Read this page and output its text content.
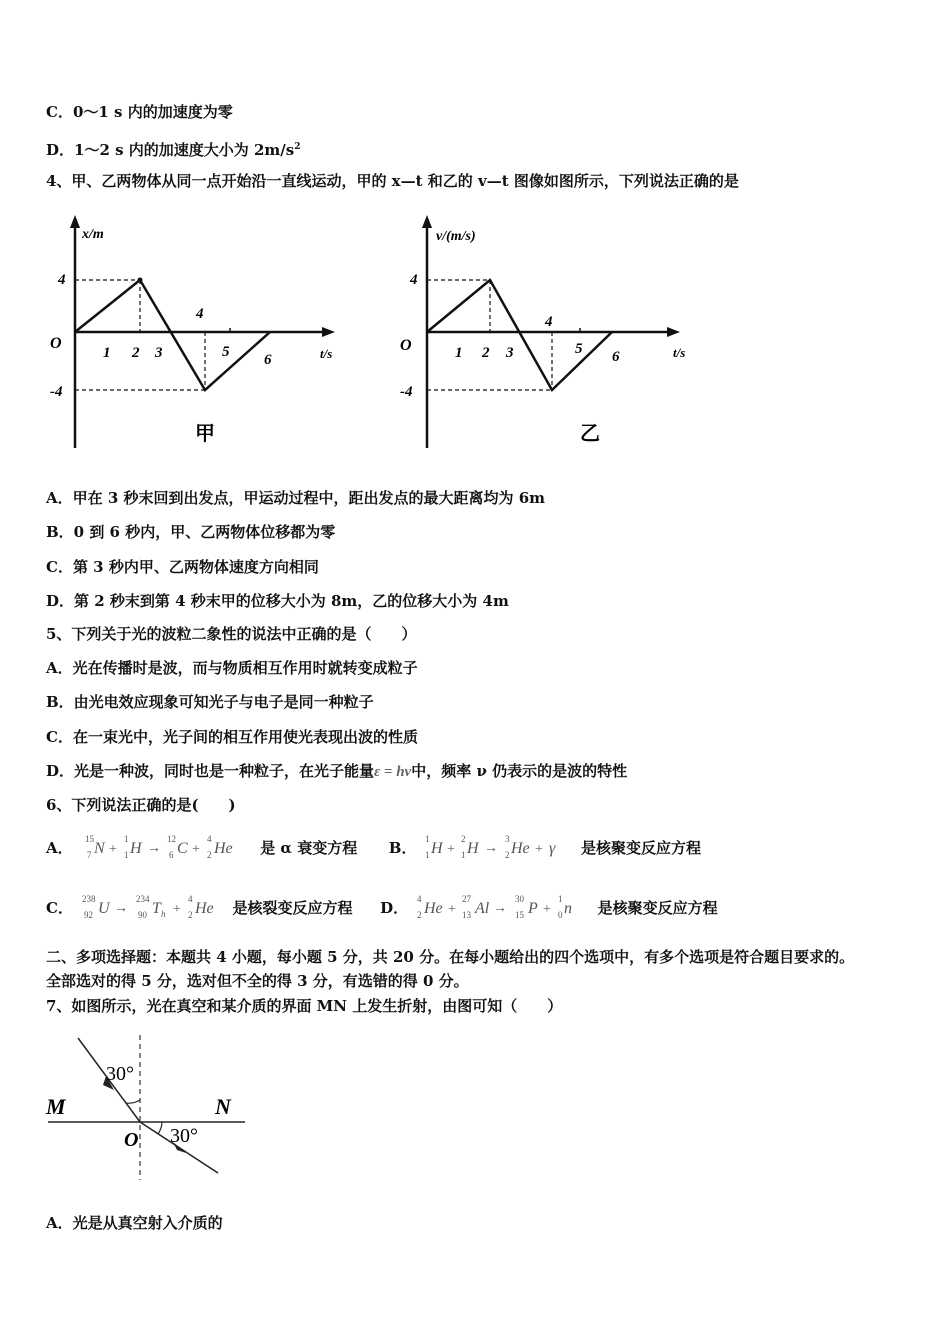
C．0～1 s 内的加速度为零
D．1～2 s 内的加速度大小为 $2m/s^2$
4、甲、乙两物体从同一点开始沿一直线运动，甲的 x—t 和乙的 v—t 图像如图所示，下列说法正确的是
x/m
t/s
O
4
-4
1 2 3
4
5 6
甲
v/(m/s)
t/s
O
4
-4
1 2 3
4
5 6
乙
A．甲在 3 秒末回到出发点，甲运动过程中，距出发点的最大距离均为 6m
B．0 到 6 秒内，甲、乙两物体位移都为零
C．第 3 秒内甲、乙两物体速度方向相同
D．第 2 秒末到第 4 秒末甲的位移大小为 8m，乙的位移大小为 4m
5、下列关于光的波粒二象性的说法中正确的是（　　）
A．光在传播时是波，而与物质相互作用时就转变成粒子
B．由光电效应现象可知光子与电子是同一种粒子
C．在一束光中，光子间的相互作用使光表现出波的性质
D．光是一种波，同时也是一种粒子，在光子能量ε = hν中，频率 ν 仍表示的是波的特性
6、下列说法正确的是(　　)
A． 15
7 N +
1
1 H →
12
6 C +
4
2 He 是 α 衰变方程 B． 1
1 H +
2
1 H →
3
2 He + γ 是核聚变反应方程
C． 238
92 U →
234
90 T h +
4
2 He 是核裂变反应方程 D． 4
2 He +
27
13 Al →
30
15 P +
1
0 n 是核聚变反应方程
二、多项选择题：本题共 4 小题，每小题 5 分，共 20 分。在每小题给出的四个选项中，有多个选项是符合题目要求的。
全部选对的得 5 分，选对但不全的得 3 分，有选错的得 0 分。
7、如图所示，光在真空和某介质的界面 MN 上发生折射，由图可知（　　）
30°
30°
M	N
O
A．光是从真空射入介质的
